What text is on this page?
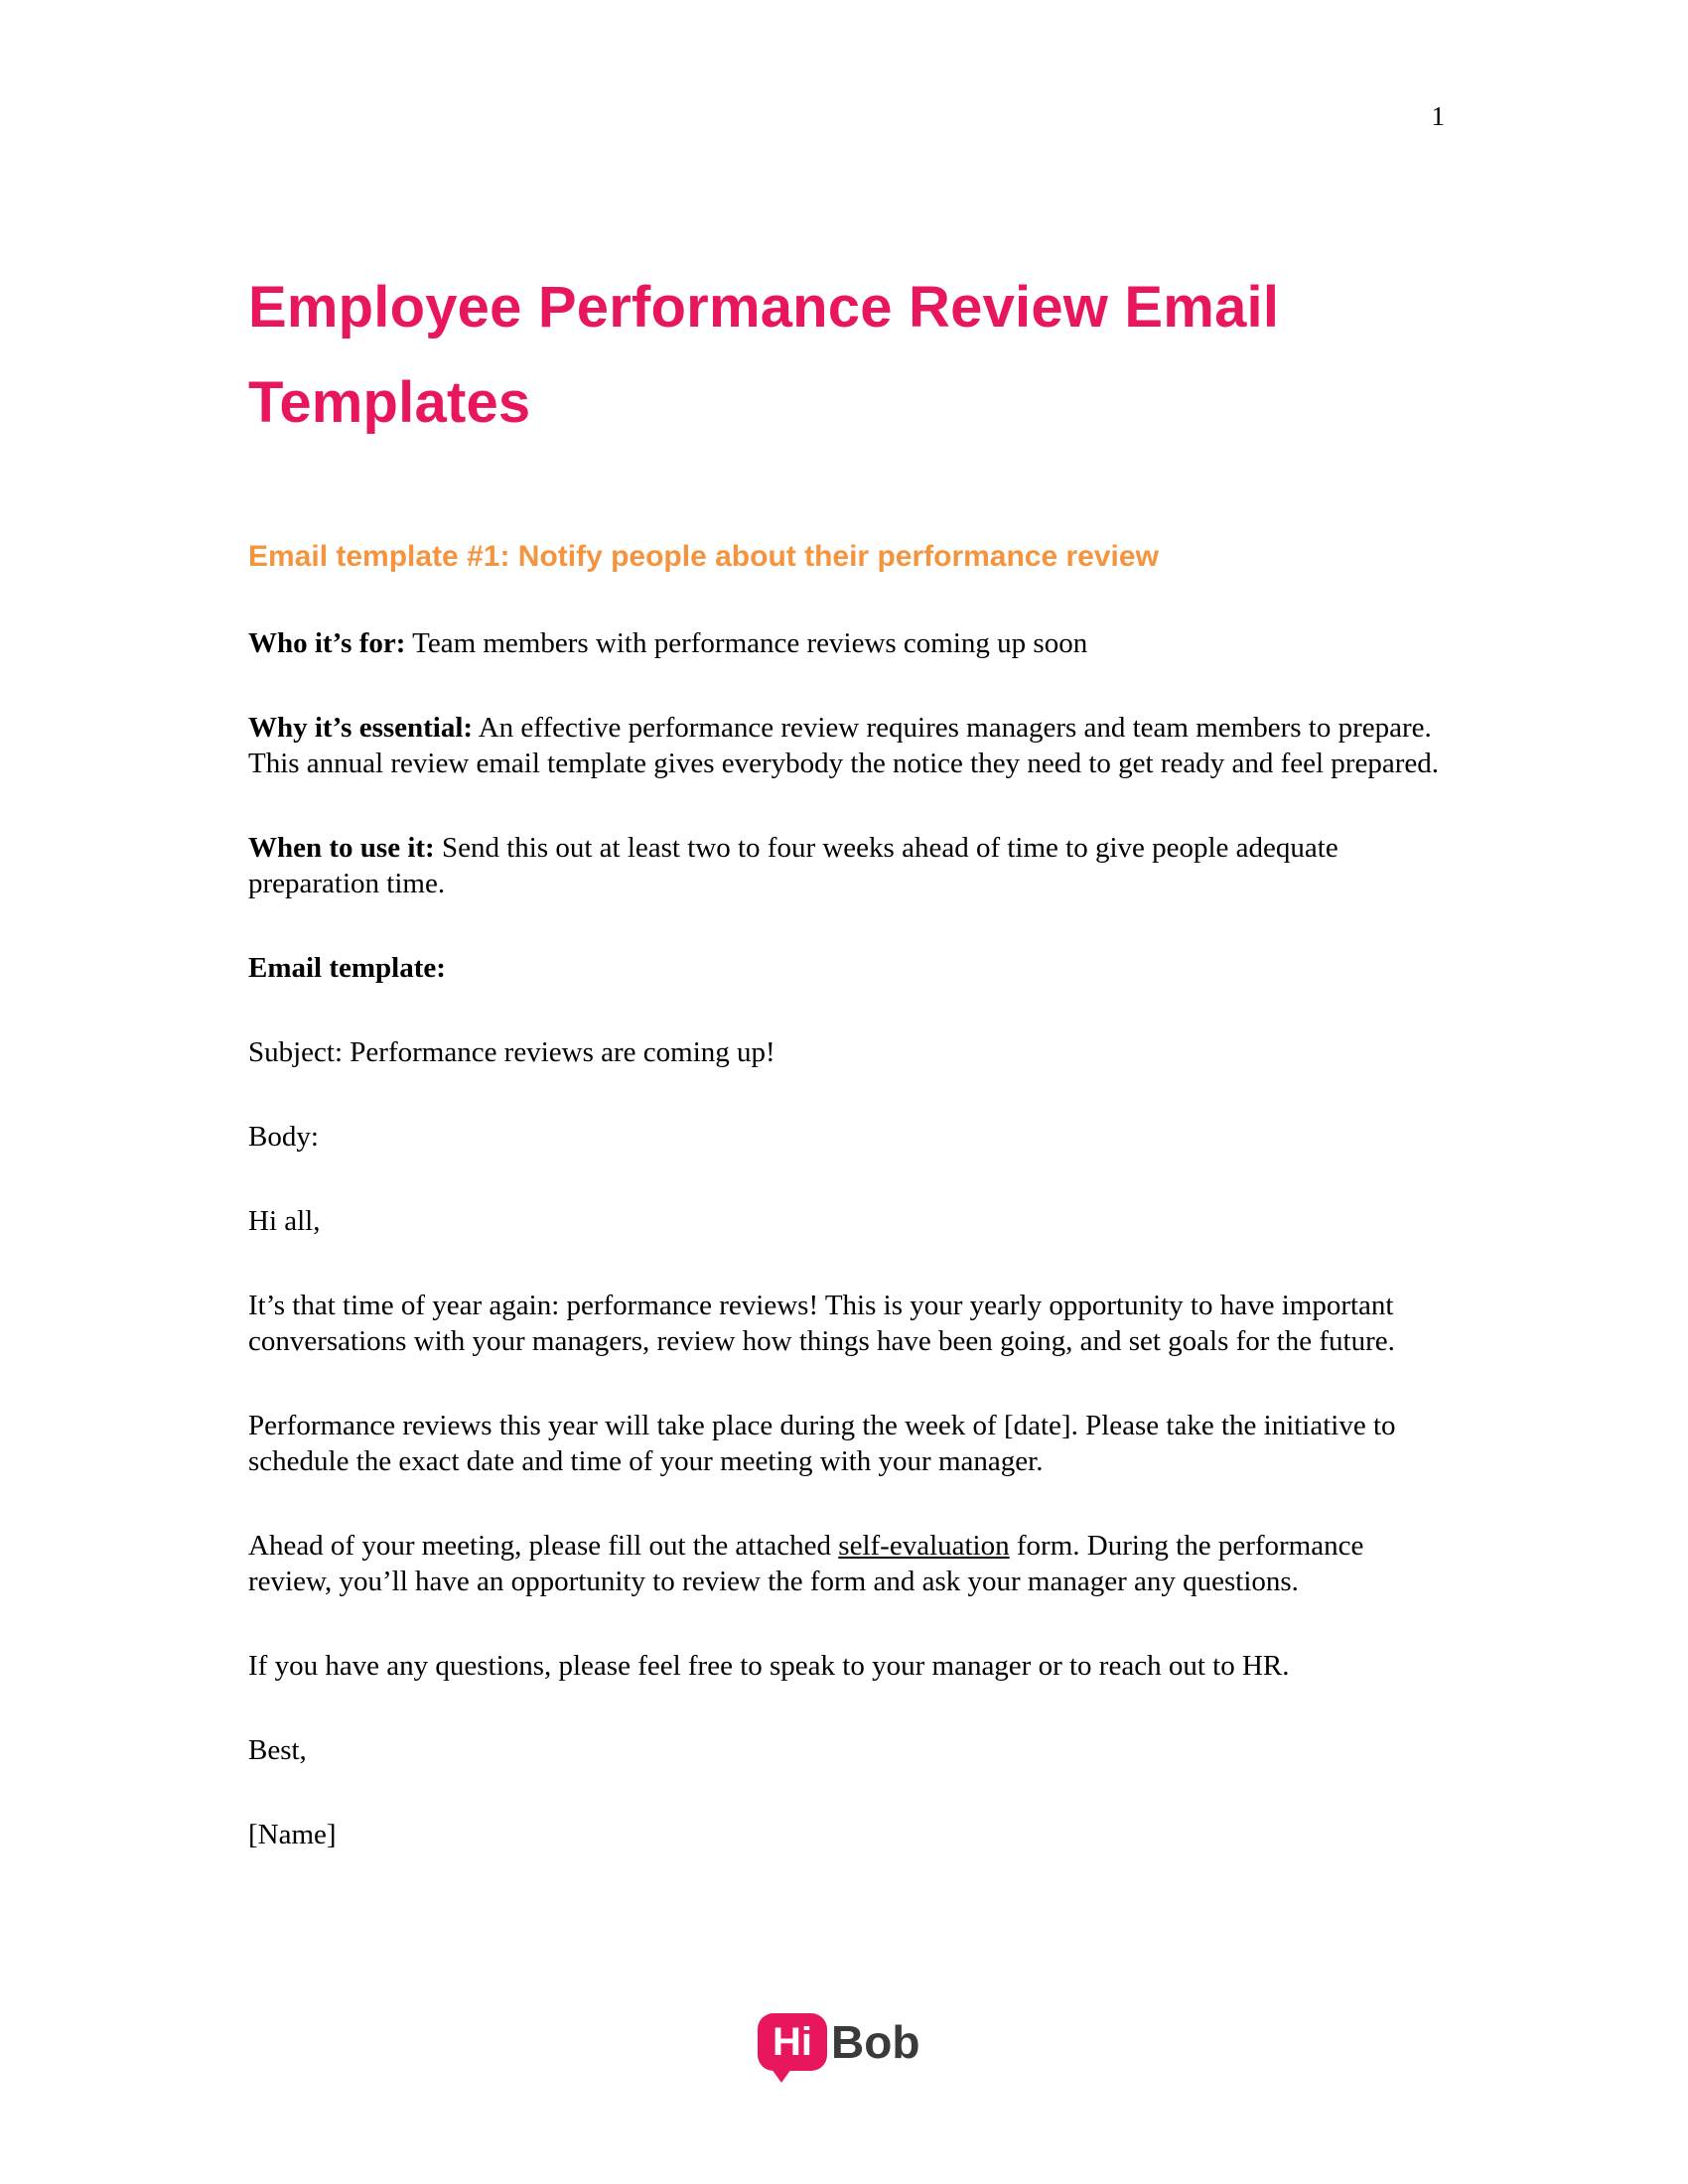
1
Employee Performance Review Email
Templates
Email template #1: Notify people about their performance review

Who it’s for: Team members with performance reviews coming up soon

Why it’s essential: An effective performance review requires managers and team members to prepare. This annual review email template gives everybody the notice they need to get ready and feel prepared.

When to use it: Send this out at least two to four weeks ahead of time to give people adequate preparation time.

Email template:

Subject: Performance reviews are coming up!

Body:

Hi all,

It’s that time of year again: performance reviews! This is your yearly opportunity to have important conversations with your managers, review how things have been going, and set goals for the future.

Performance reviews this year will take place during the week of [date]. Please take the initiative to schedule the exact date and time of your meeting with your manager.

Ahead of your meeting, please fill out the attached self-evaluation form. During the performance review, you’ll have an opportunity to review the form and ask your manager any questions.

If you have any questions, please feel free to speak to your manager or to reach out to HR.

Best,

[Name]

Hi Bob
